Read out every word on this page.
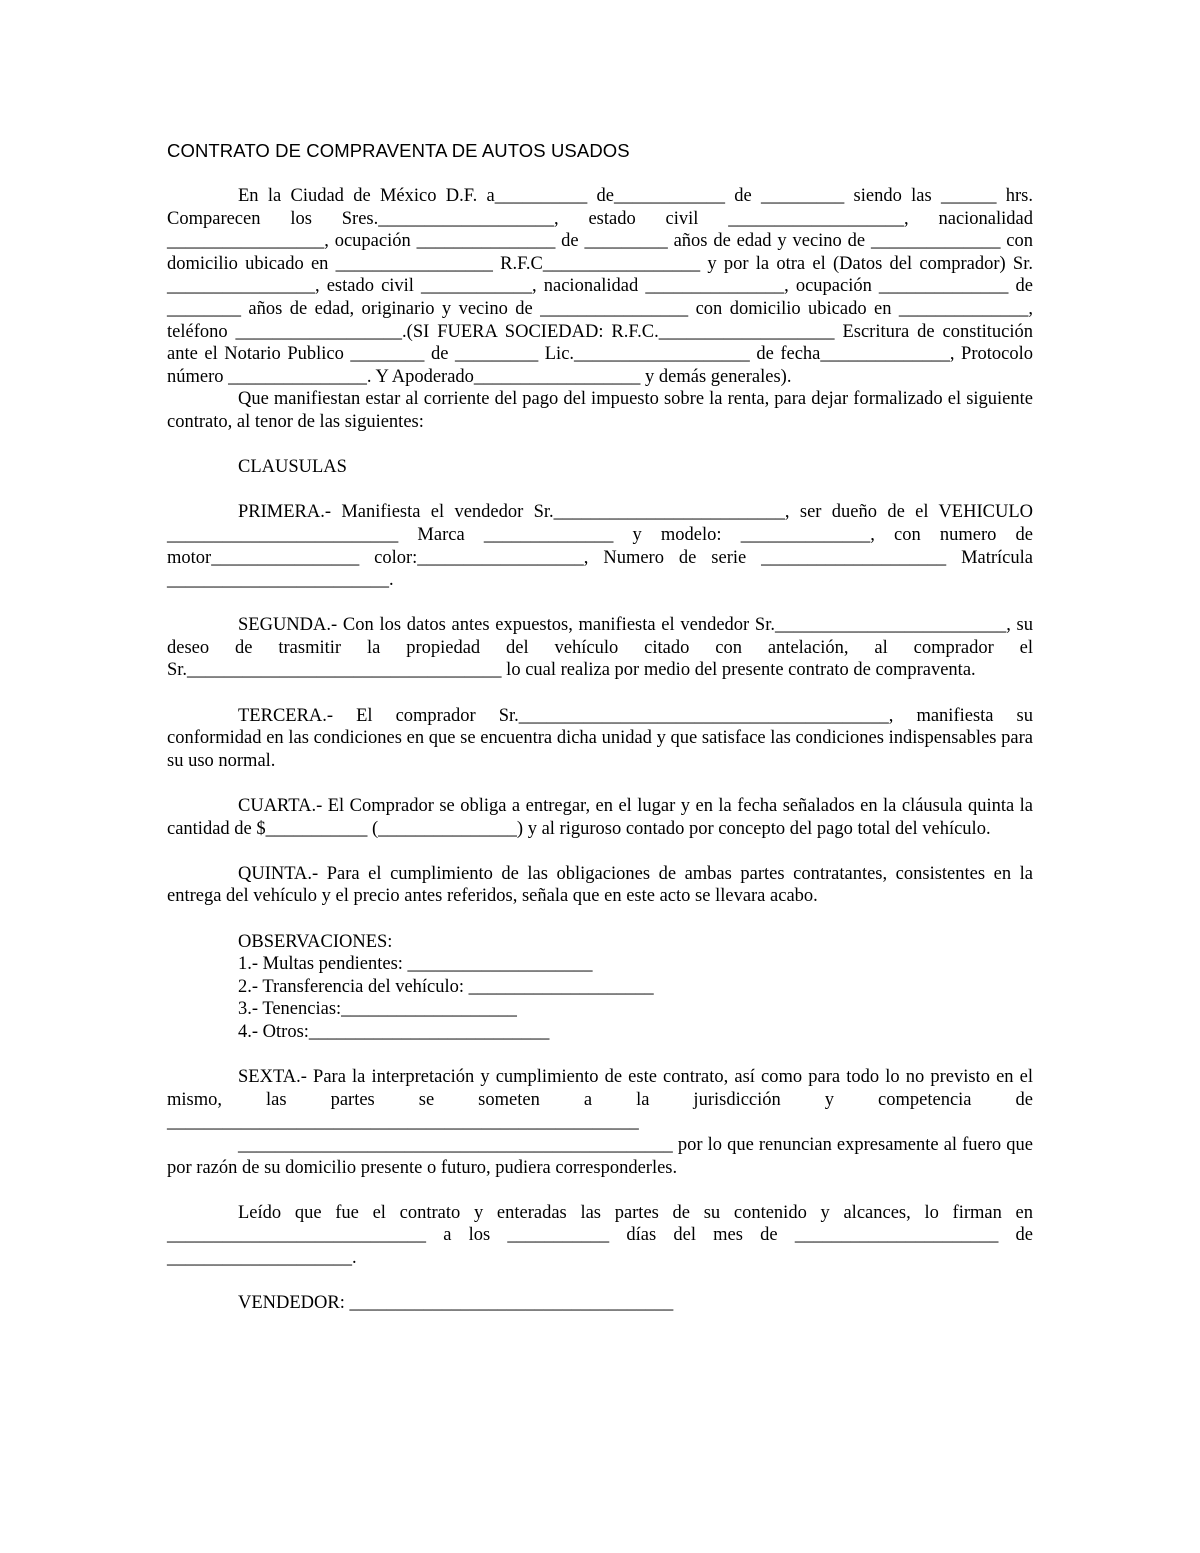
CONTRATO DE COMPRAVENTA DE AUTOS USADOS

En la Ciudad de México D.F. a__________ de____________ de _________ siendo las ______ hrs. Comparecen los Sres.___________________, estado civil ___________________, nacionalidad _________________, ocupación _______________ de _________ años de edad y vecino de ______________ con domicilio ubicado en _________________ R.F.C_________________ y por la otra el (Datos del comprador) Sr. ________________, estado civil ____________, nacionalidad _______________, ocupación ______________ de ________ años de edad, originario y vecino de ________________ con domicilio ubicado en ______________, teléfono __________________.(SI FUERA SOCIEDAD: R.F.C.___________________ Escritura de constitución ante el Notario Publico ________ de _________ Lic.___________________ de fecha______________, Protocolo número _______________. Y Apoderado__________________ y demás generales).

Que manifiestan estar al corriente del pago del impuesto sobre la renta, para dejar formalizado el siguiente contrato, al tenor de las siguientes:

CLAUSULAS

PRIMERA.- Manifiesta el vendedor Sr._________________________, ser dueño de el VEHICULO _________________________ Marca ______________ y modelo: ______________, con numero de motor________________ color:__________________, Numero de serie ____________________ Matrícula ________________________.

SEGUNDA.- Con los datos antes expuestos, manifiesta el vendedor Sr._________________________, su deseo de trasmitir la propiedad del vehículo citado con antelación, al comprador el Sr.__________________________________ lo cual realiza por medio del presente contrato de compraventa.

TERCERA.- El comprador Sr.________________________________________, manifiesta su conformidad en las condiciones en que se encuentra dicha unidad y que satisface las condiciones indispensables para su uso normal.

CUARTA.- El Comprador se obliga a entregar, en el lugar y en la fecha señalados en la cláusula quinta la cantidad de $___________ (_______________) y al riguroso contado por concepto del pago total del vehículo.

QUINTA.- Para el cumplimiento de las obligaciones de ambas partes contratantes, consistentes en la entrega del vehículo y el precio antes referidos, señala que en este acto se llevara acabo.

OBSERVACIONES:
1.- Multas pendientes: ____________________
2.- Transferencia del vehículo: ____________________
3.- Tenencias:___________________
4.- Otros:__________________________

SEXTA.- Para la interpretación y cumplimiento de este contrato, así como para todo lo no previsto en el mismo, las partes se someten a la jurisdicción y competencia de ___________________________________________________

_______________________________________________ por lo que renuncian expresamente al fuero que por razón de su domicilio presente o futuro, pudiera corresponderles.

Leído que fue el contrato y enteradas las partes de su contenido y alcances, lo firman en ____________________________ a los ___________ días del mes de ______________________ de ____________________.

VENDEDOR: ___________________________________
